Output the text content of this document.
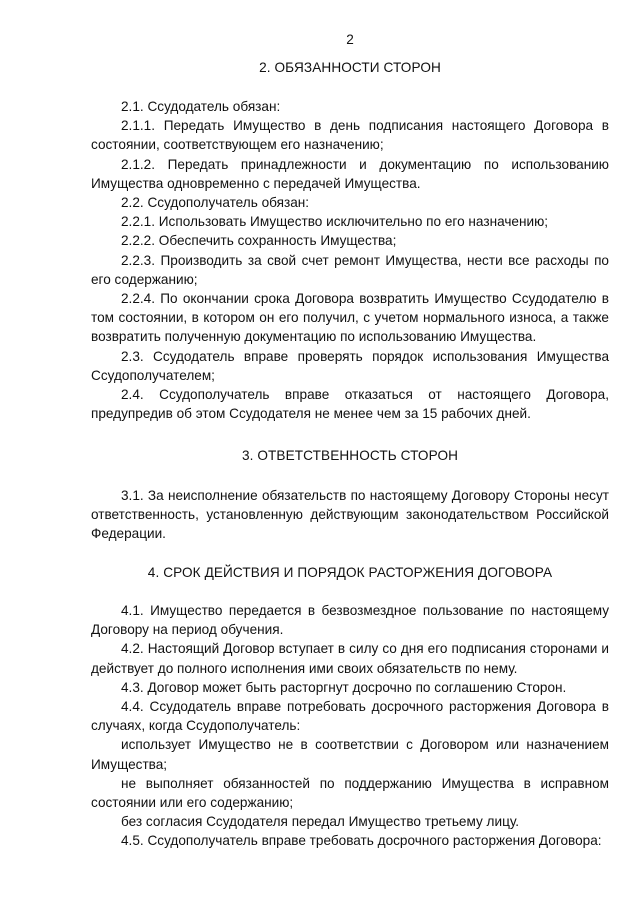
2
2. ОБЯЗАННОСТИ СТОРОН

2.1. Ссудодатель обязан:

2.1.1. Передать Имущество в день подписания настоящего Договора в состоянии, соответствующем его назначению;

2.1.2. Передать принадлежности и документацию по использованию Имущества одновременно с передачей Имущества.

2.2. Ссудополучатель обязан:

2.2.1. Использовать Имущество исключительно по его назначению;

2.2.2. Обеспечить сохранность Имущества;

2.2.3. Производить за свой счет ремонт Имущества, нести все расходы по его содержанию;

2.2.4. По окончании срока Договора возвратить Имущество Ссудодателю в том состоянии, в котором он его получил, с учетом нормального износа, а также возвратить полученную документацию по использованию Имущества.

2.3. Ссудодатель вправе проверять порядок использования Имущества Ссудополучателем;

2.4. Ссудополучатель вправе отказаться от настоящего Договора, предупредив об этом Ссудодателя не менее чем за 15 рабочих дней.

3. ОТВЕТСТВЕННОСТЬ СТОРОН

3.1. За неисполнение обязательств по настоящему Договору Стороны несут ответственность, установленную действующим законодательством Российской Федерации.

4. СРОК ДЕЙСТВИЯ И ПОРЯДОК РАСТОРЖЕНИЯ ДОГОВОРА

4.1. Имущество передается в безвозмездное пользование по настоящему Договору на период обучения.

4.2. Настоящий Договор вступает в силу со дня его подписания сторонами и действует до полного исполнения ими своих обязательств по нему.

4.3. Договор может быть расторгнут досрочно по соглашению Сторон.

4.4. Ссудодатель вправе потребовать досрочного расторжения Договора в случаях, когда Ссудополучатель:

использует Имущество не в соответствии с Договором или назначением Имущества;

не выполняет обязанностей по поддержанию Имущества в исправном состоянии или его содержанию;

без согласия Ссудодателя передал Имущество третьему лицу.

4.5. Ссудополучатель вправе требовать досрочного расторжения Договора:
